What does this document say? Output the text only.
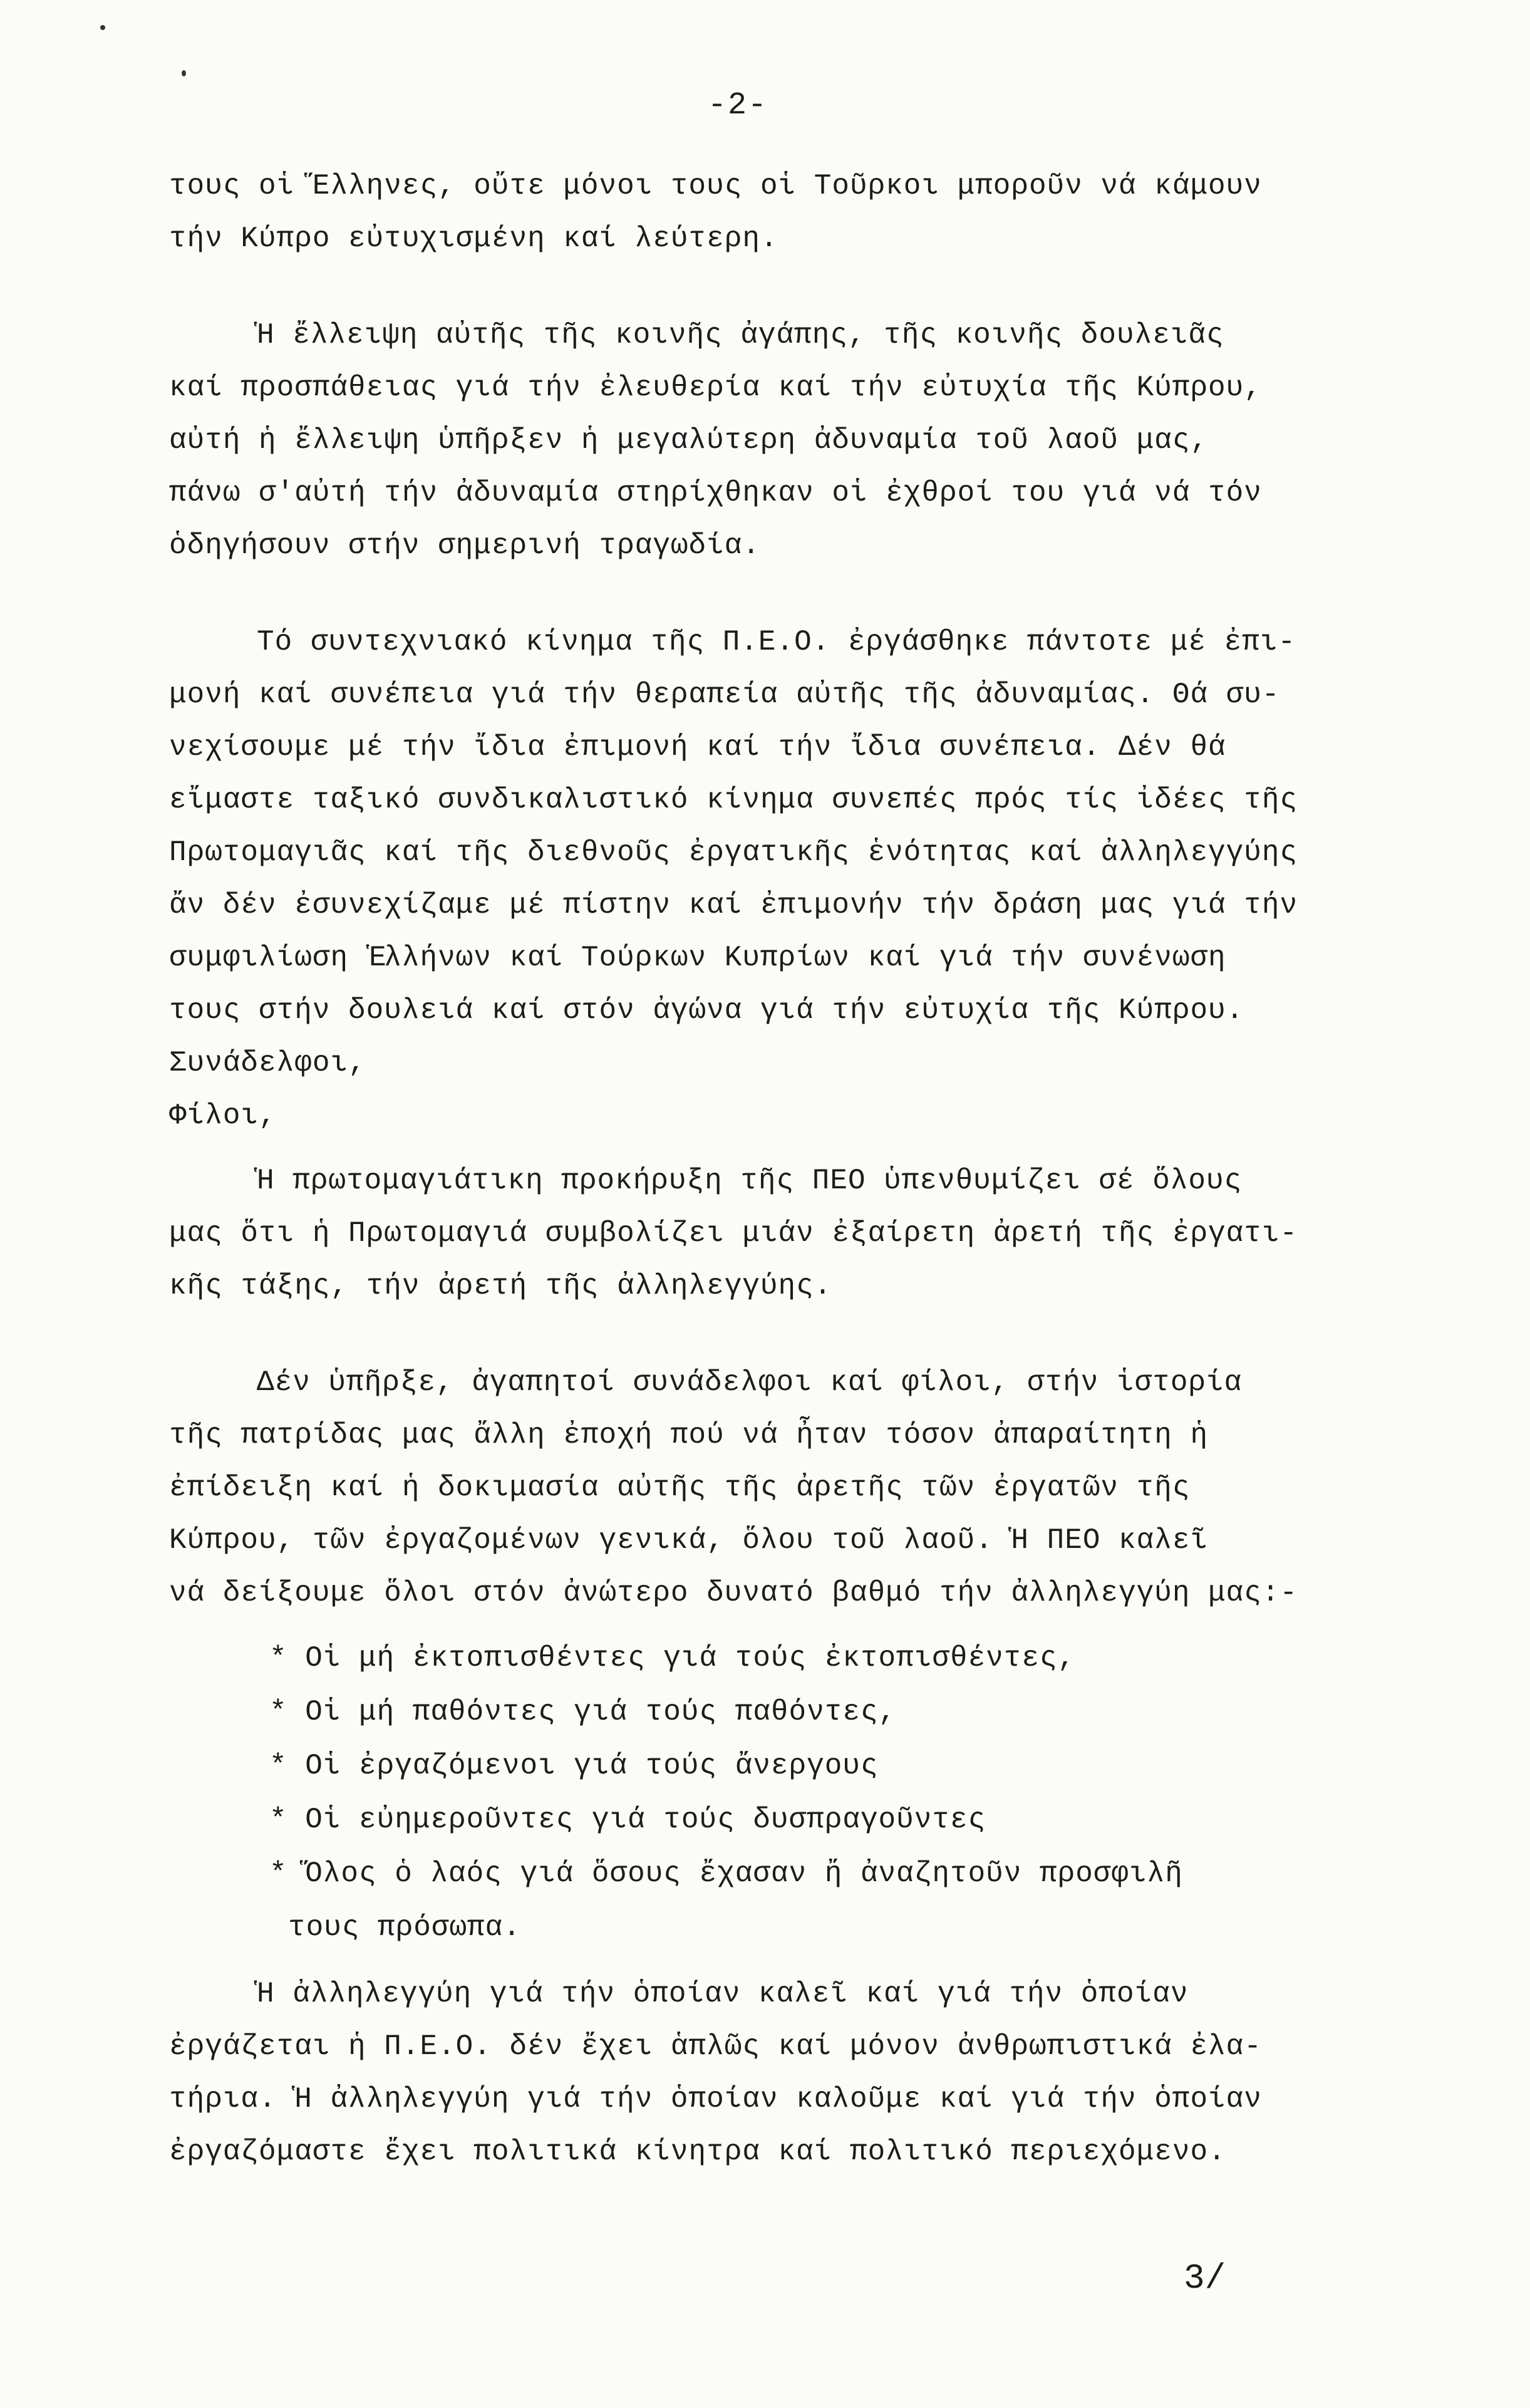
-2-
τους οἱ Ἕλληνες, οὔτε μόνοι τους οἱ Τοῦρκοι μποροῦν νά κάμουν
τήν Κύπρο εὐτυχισμένη καί λεύτερη.
Ἡ ἔλλειψη αὐτῆς τῆς κοινῆς ἀγάπης, τῆς κοινῆς δουλειᾶς
καί προσπάθειας γιά τήν ἐλευθερία καί τήν εὐτυχία τῆς Κύπρου,
αὐτή ἡ ἔλλειψη ὑπῆρξεν ἡ μεγαλύτερη ἀδυναμία τοῦ λαοῦ μας,
πάνω σ'αὐτή τήν ἀδυναμία στηρίχθηκαν οἱ ἐχθροί του γιά νά τόν
ὁδηγήσουν στήν σημερινή τραγωδία.
Τό συντεχνιακό κίνημα τῆς Π.Ε.Ο. ἐργάσθηκε πάντοτε μέ ἐπι-
μονή καί συνέπεια γιά τήν θεραπεία αὐτῆς τῆς ἀδυναμίας. Θά συ-
νεχίσουμε μέ τήν ἴδια ἐπιμονή καί τήν ἴδια συνέπεια. Δέν θά
εἴμαστε ταξικό συνδικαλιστικό κίνημα συνεπές πρός τίς ἰδέες τῆς
Πρωτομαγιᾶς καί τῆς διεθνοῦς ἐργατικῆς ἑνότητας καί ἀλληλεγγύης
ἄν δέν ἐσυνεχίζαμε μέ πίστην καί ἐπιμονήν τήν δράση μας γιά τήν
συμφιλίωση Ἑλλήνων καί Τούρκων Κυπρίων καί γιά τήν συνένωση
τους στήν δουλειά καί στόν ἀγώνα γιά τήν εὐτυχία τῆς Κύπρου.
Συνάδελφοι,
Φίλοι,
Ἡ πρωτομαγιάτικη προκήρυξη τῆς ΠΕΟ ὑπενθυμίζει σέ ὅλους
μας ὅτι ἡ Πρωτομαγιά συμβολίζει μιάν ἐξαίρετη ἀρετή τῆς ἐργατι-
κῆς τάξης, τήν ἀρετή τῆς ἀλληλεγγύης.
Δέν ὑπῆρξε, ἀγαπητοί συνάδελφοι καί φίλοι, στήν ἱστορία
τῆς πατρίδας μας ἄλλη ἐποχή πού νά ἦταν τόσον ἀπαραίτητη ἡ
ἐπίδειξη καί ἡ δοκιμασία αὐτῆς τῆς ἀρετῆς τῶν ἐργατῶν τῆς
Κύπρου, τῶν ἐργαζομένων γενικά, ὅλου τοῦ λαοῦ. Ἡ ΠΕΟ καλεῖ
νά δείξουμε ὅλοι στόν ἀνώτερο δυνατό βαθμό τήν ἀλληλεγγύη μας:-
* Οἱ μή ἐκτοπισθέντες γιά τούς ἐκτοπισθέντες,
* Οἱ μή παθόντες γιά τούς παθόντες,
* Οἱ ἐργαζόμενοι γιά τούς ἄνεργους
* Οἱ εὐημεροῦντες γιά τούς δυσπραγοῦντες
* Ὅλος ὁ λαός γιά ὅσους ἔχασαν ἤ ἀναζητοῦν προσφιλῆ
τους πρόσωπα.
Ἡ ἀλληλεγγύη γιά τήν ὁποίαν καλεῖ καί γιά τήν ὁποίαν
ἐργάζεται ἡ Π.Ε.Ο. δέν ἔχει ἁπλῶς καί μόνον ἀνθρωπιστικά ἐλα-
τήρια. Ἡ ἀλληλεγγύη γιά τήν ὁποίαν καλοῦμε καί γιά τήν ὁποίαν
ἐργαζόμαστε ἔχει πολιτικά κίνητρα καί πολιτικό περιεχόμενο.
3/
